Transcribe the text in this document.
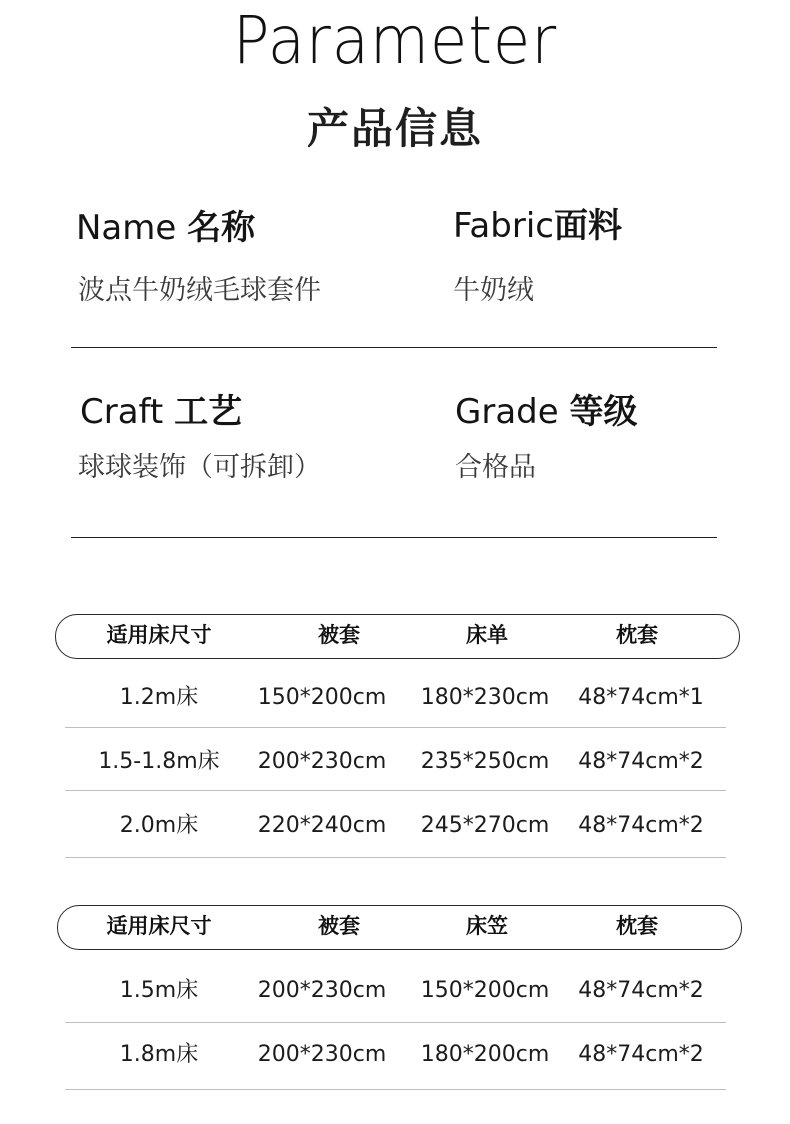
Parameter
产品信息
Name 名称
波点牛奶绒毛球套件
Fabric面料
牛奶绒
Craft 工艺
球球装饰（可拆卸）
Grade 等级
合格品
适用床尺寸	被套	床单	枕套
1.2m床	150*200cm	180*230cm	48*74cm*1
1.5-1.8m床	200*230cm	235*250cm	48*74cm*2
2.0m床	220*240cm	245*270cm	48*74cm*2
适用床尺寸	被套	床笠	枕套
1.5m床	200*230cm	150*200cm	48*74cm*2
1.8m床	200*230cm	180*200cm	48*74cm*2
